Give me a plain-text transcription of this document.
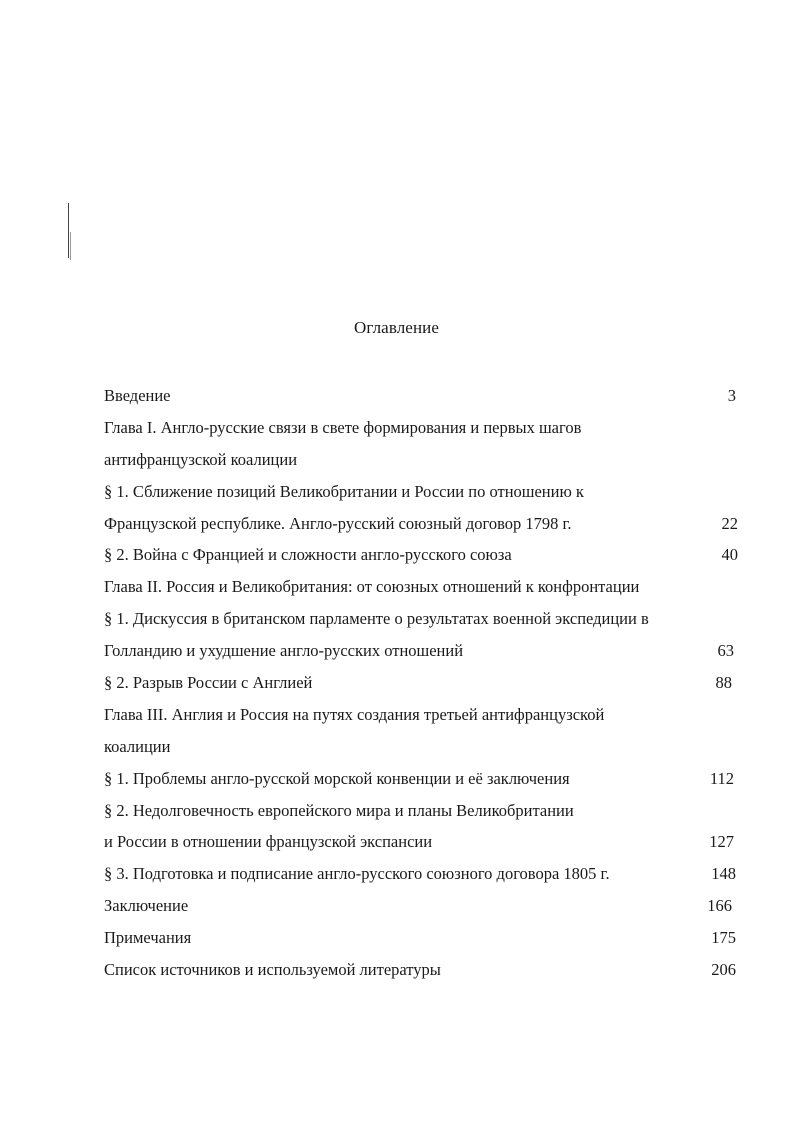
Оглавление
Введение	3
Глава I. Англо-русские связи в свете формирования и первых шагов
антифранцузской коалиции
§ 1. Сближение позиций Великобритании и России по отношению к
Французской республике. Англо-русский союзный договор 1798 г.	22
§ 2. Война с Францией и сложности англо-русского союза	40
Глава II. Россия и Великобритания: от союзных отношений к конфронтации
§ 1. Дискуссия в британском парламенте о результатах военной экспедиции в
Голландию и ухудшение англо-русских отношений	63
§ 2. Разрыв России с Англией	88
Глава III. Англия и Россия на путях создания третьей антифранцузской
коалиции
§ 1. Проблемы англо-русской морской конвенции и её заключения	112
§ 2. Недолговечность европейского мира и планы Великобритании
и России в отношении французской экспансии	127
§ 3. Подготовка и подписание англо-русского союзного договора 1805 г.	148
Заключение	166
Примечания	175
Список источников и используемой литературы	206
